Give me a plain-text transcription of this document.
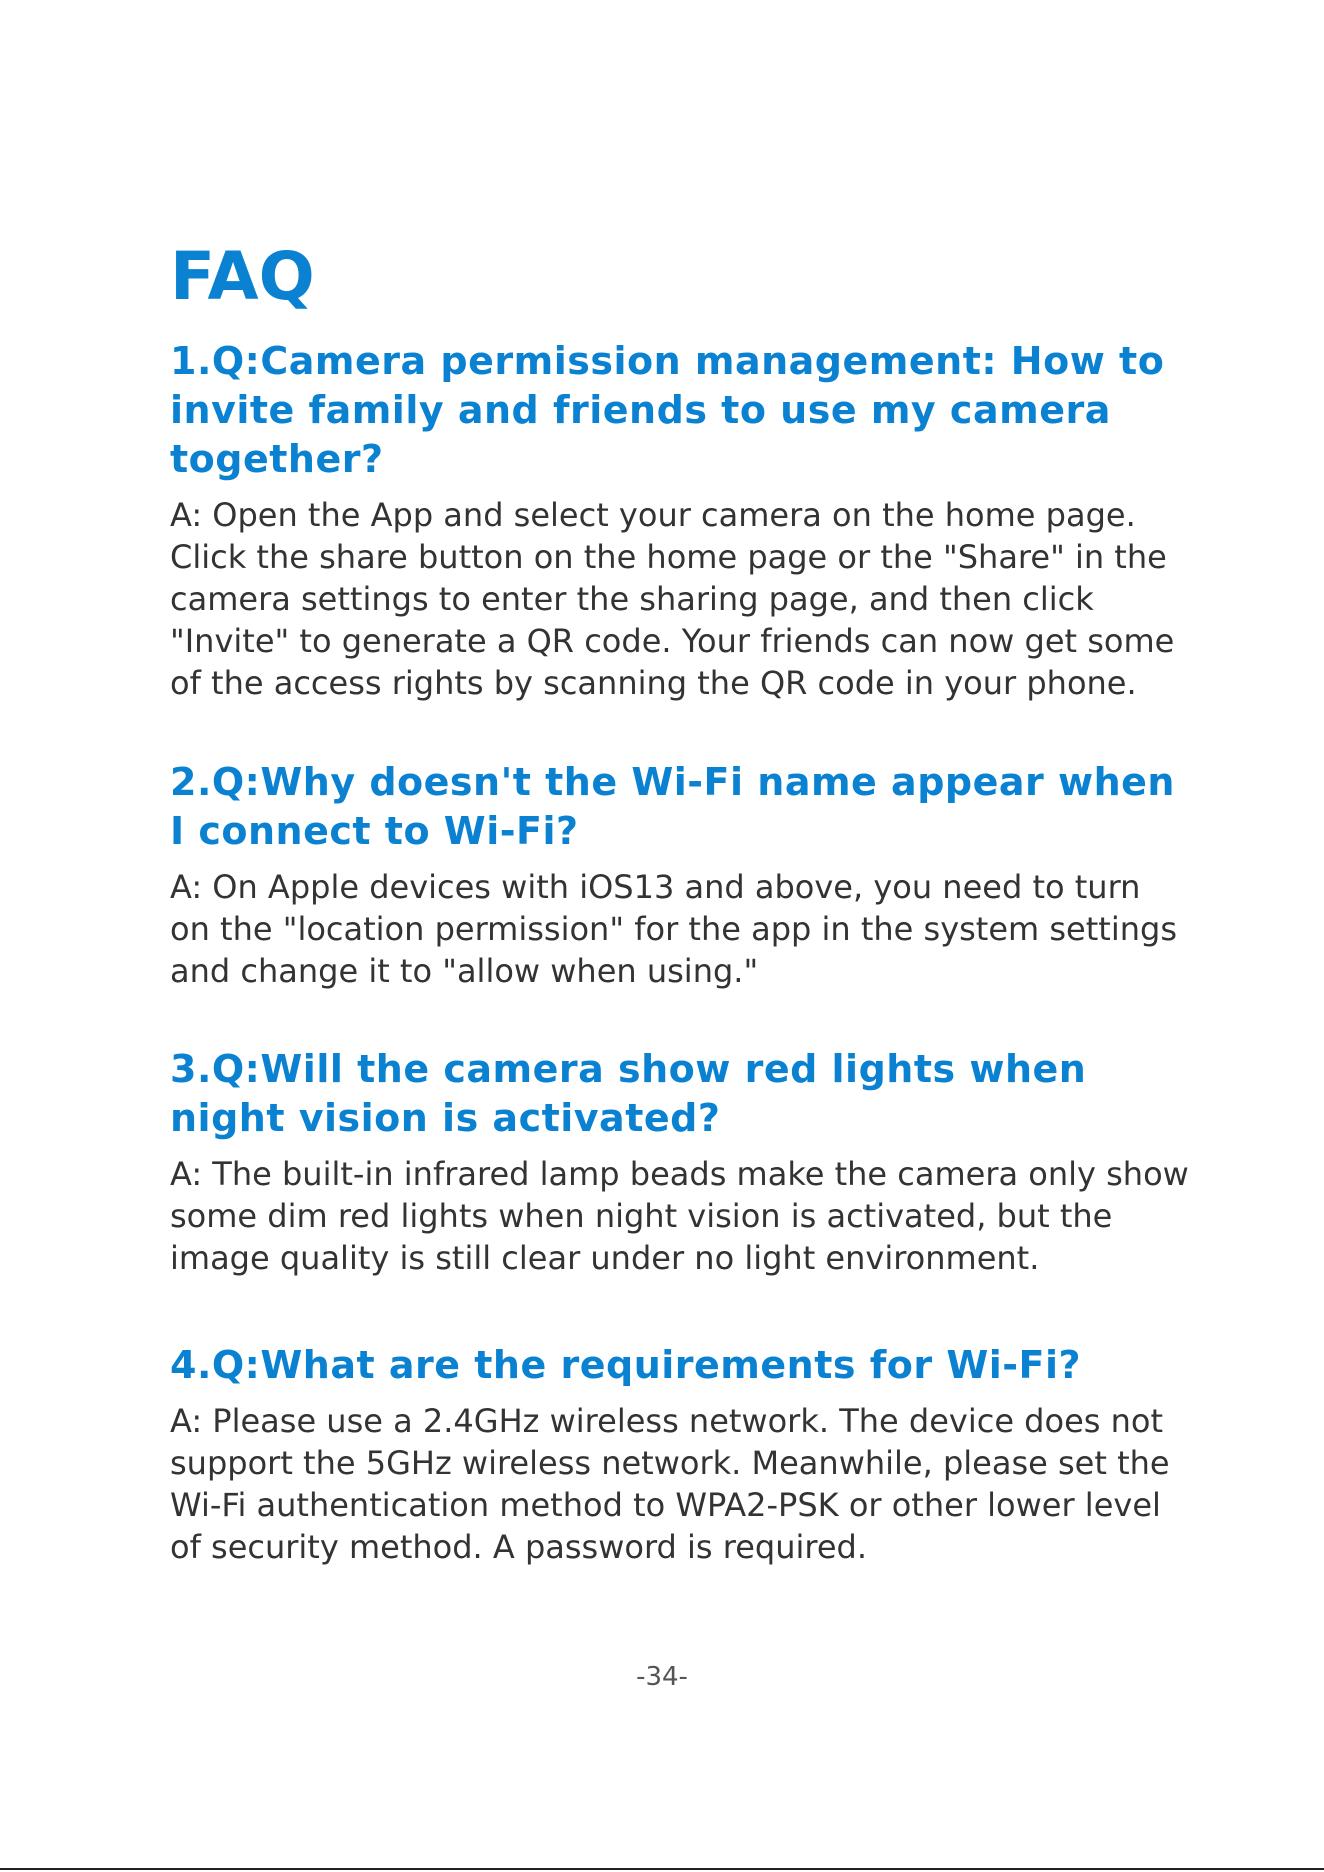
FAQ

1.Q:Camera permission management: How to invite family and friends to use my camera together?

A: Open the App and select your camera on the home page. Click the share button on the home page or the "Share" in the camera settings to enter the sharing page, and then click "Invite" to generate a QR code. Your friends can now get some of the access rights by scanning the QR code in your phone.

2.Q:Why doesn't the Wi-Fi name appear when I connect to Wi-Fi?

A: On Apple devices with iOS13 and above, you need to turn on the "location permission" for the app in the system settings and change it to "allow when using."

3.Q:Will the camera show red lights when night vision is activated?

A: The built-in infrared lamp beads make the camera only show some dim red lights when night vision is activated, but the image quality is still clear under no light environment.

4.Q:What are the requirements for Wi-Fi?

A: Please use a 2.4GHz wireless network. The device does not support the 5GHz wireless network. Meanwhile, please set the Wi-Fi authentication method to WPA2-PSK or other lower level of security method. A password is required.

-34-
